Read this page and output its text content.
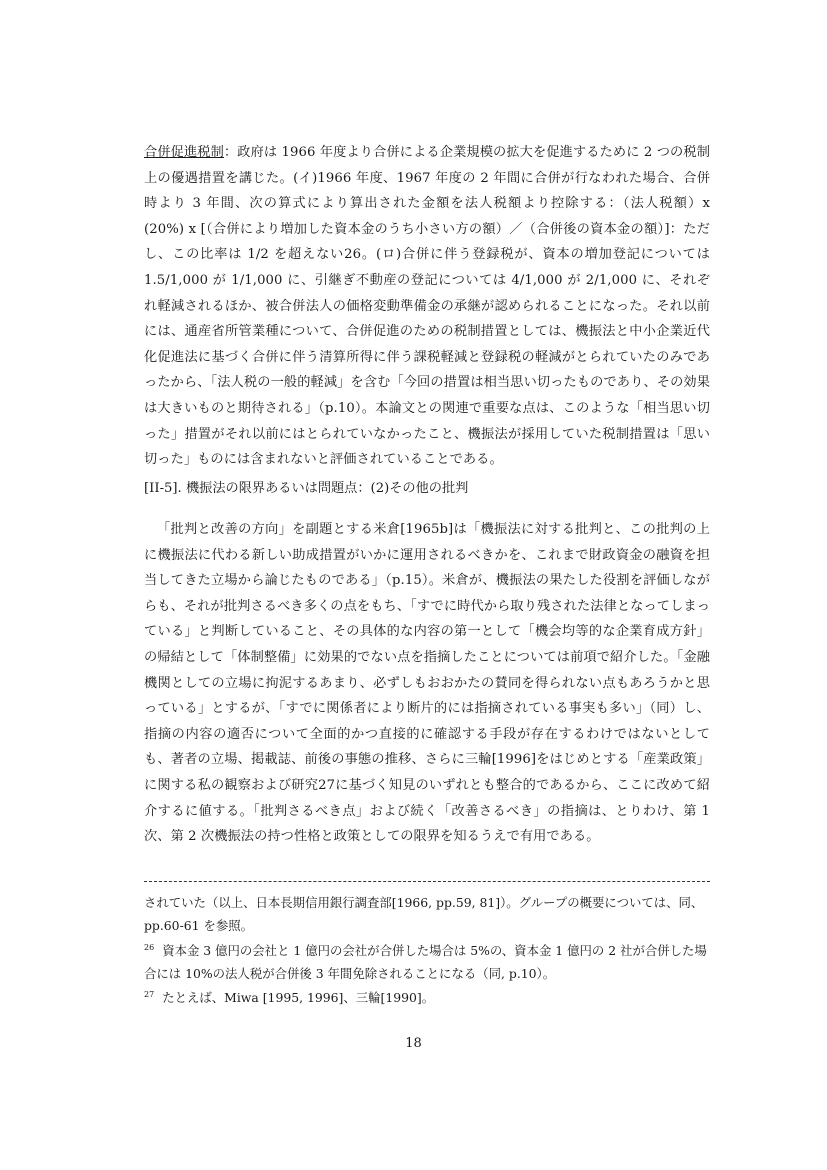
合併促進税制：政府は 1966 年度より合併による企業規模の拡大を促進するために 2 つの税制上の優遇措置を講じた。(イ)1966 年度、1967 年度の 2 年間に合併が行なわれた場合、合併時より 3 年間、次の算式により算出された金額を法人税額より控除する：（法人税額）x (20%) x [（合併により増加した資本金のうち小さい方の額）／（合併後の資本金の額）]：ただし、この比率は 1/2 を超えない26。(ロ)合併に伴う登録税が、資本の増加登記については 1.5/1,000 が 1/1,000 に、引継ぎ不動産の登記については 4/1,000 が 2/1,000 に、それぞれ軽減されるほか、被合併法人の価格変動準備金の承継が認められることになった。それ以前には、通産省所管業種について、合併促進のための税制措置としては、機振法と中小企業近代化促進法に基づく合併に伴う清算所得に伴う課税軽減と登録税の軽減がとられていたのみであったから、「法人税の一般的軽減」を含む「今回の措置は相当思い切ったものであり、その効果は大きいものと期待される」（p.10）。本論文との関連で重要な点は、このような「相当思い切った」措置がそれ以前にはとられていなかったこと、機振法が採用していた税制措置は「思い切った」ものには含まれないと評価されていることである。

[II-5]. 機振法の限界あるいは問題点：(2)その他の批判

「批判と改善の方向」を副題とする米倉[1965b]は「機振法に対する批判と、この批判の上に機振法に代わる新しい助成措置がいかに運用されるべきかを、これまで財政資金の融資を担当してきた立場から論じたものである」（p.15）。米倉が、機振法の果たした役割を評価しながらも、それが批判さるべき多くの点をもち、「すでに時代から取り残された法律となってしまっている」と判断していること、その具体的な内容の第一として「機会均等的な企業育成方針」の帰結として「体制整備」に効果的でない点を指摘したことについては前項で紹介した。「金融機関としての立場に拘泥するあまり、必ずしもおおかたの賛同を得られない点もあろうかと思っている」とするが、「すでに関係者により断片的には指摘されている事実も多い」（同）し、指摘の内容の適否について全面的かつ直接的に確認する手段が存在するわけではないとしても、著者の立場、掲載誌、前後の事態の推移、さらに三輪[1996]をはじめとする「産業政策」に関する私の観察および研究27に基づく知見のいずれとも整合的であるから、ここに改めて紹介するに値する。「批判さるべき点」および続く「改善さるべき」の指摘は、とりわけ、第 1 次、第 2 次機振法の持つ性格と政策としての限界を知るうえで有用である。

されていた（以上、日本長期信用銀行調査部[1966, pp.59, 81]）。グループの概要については、同、pp.60-61 を参照。

$^{26}$ 資本金 3 億円の会社と 1 億円の会社が合併した場合は 5%の、資本金 1 億円の 2 社が合併した場合には 10%の法人税が合併後 3 年間免除されることになる（同, p.10）。

$^{27}$ たとえば、Miwa [1995, 1996]、三輪[1990]。

18
